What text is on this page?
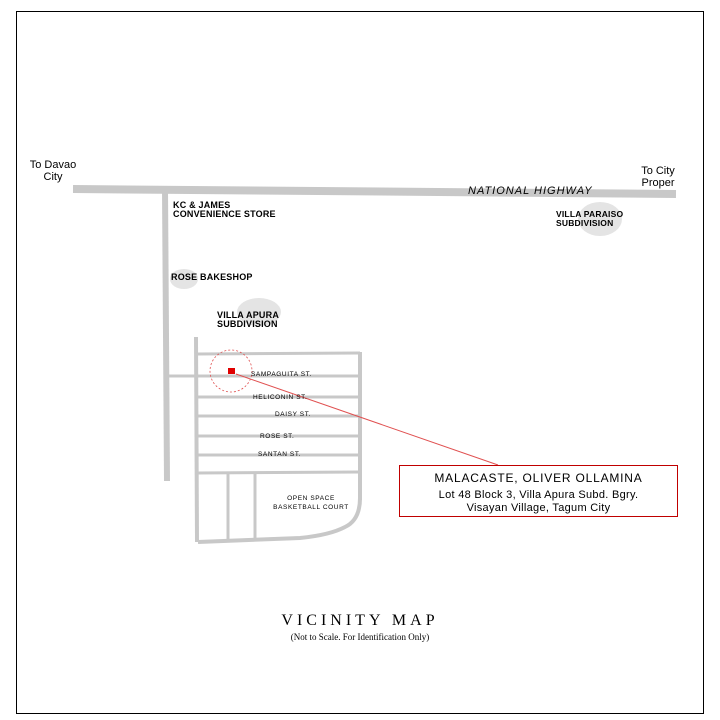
To Davao
City	To City
Proper
NATIONAL HIGHWAY
KC & JAMES
CONVENIENCE STORE	VILLA PARAISO
SUBDIVISION
ROSE BAKESHOP
VILLA APURA
SUBDIVISION
SAMPAGUITA ST.
HELICONIN ST.
DAISY ST.
ROSE ST.
SANTAN ST.
OPEN SPACE
BASKETBALL COURT
MALACASTE, OLIVER OLLAMINA
Lot 48 Block 3, Villa Apura Subd. Bgry.
Visayan Village, Tagum City
VICINITY MAP
(Not to Scale. For Identification Only)
